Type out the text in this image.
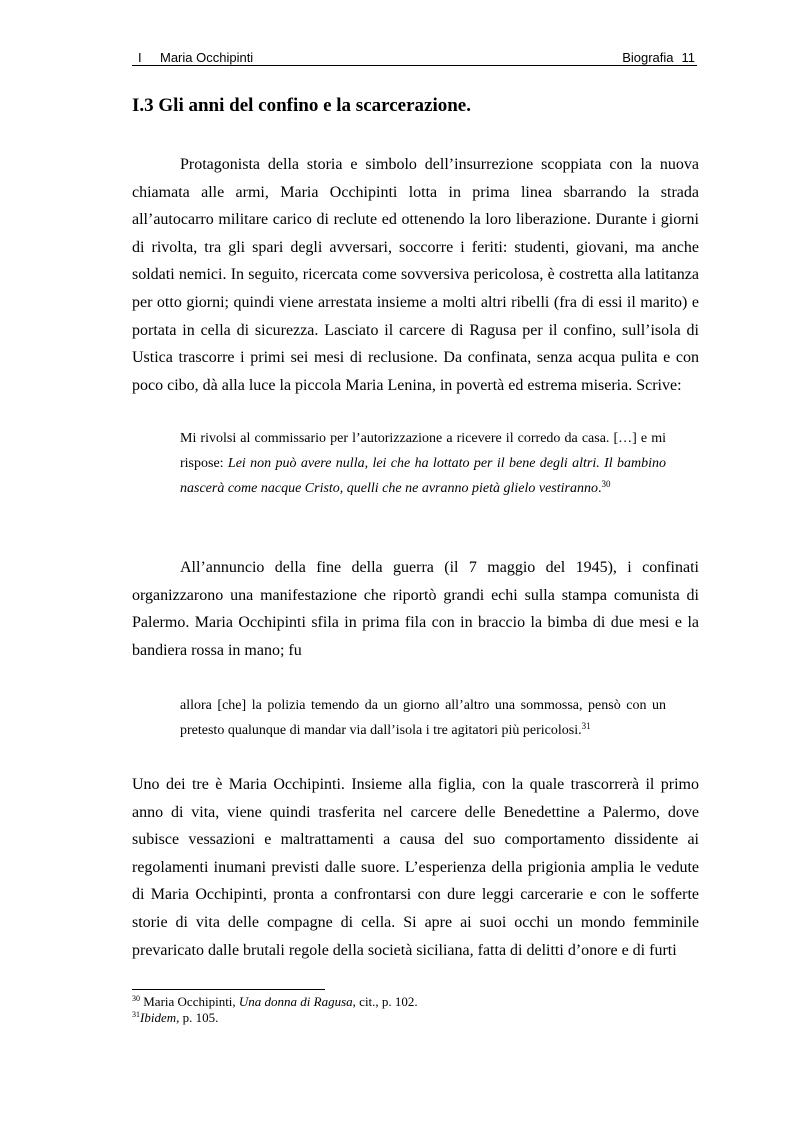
I Maria Occhipinti	Biografia 11
I.3 Gli anni del confino e la scarcerazione.

Protagonista della storia e simbolo dell’insurrezione scoppiata con la nuova chiamata alle armi, Maria Occhipinti lotta in prima linea sbarrando la strada all’autocarro militare carico di reclute ed ottenendo la loro liberazione. Durante i giorni di rivolta, tra gli spari degli avversari, soccorre i feriti: studenti, giovani, ma anche soldati nemici. In seguito, ricercata come sovversiva pericolosa, è costretta alla latitanza per otto giorni; quindi viene arrestata insieme a molti altri ribelli (fra di essi il marito) e portata in cella di sicurezza. Lasciato il carcere di Ragusa per il confino, sull’isola di Ustica trascorre i primi sei mesi di reclusione. Da confinata, senza acqua pulita e con poco cibo, dà alla luce la piccola Maria Lenina, in povertà ed estrema miseria. Scrive:

Mi rivolsi al commissario per l’autorizzazione a ricevere il corredo da casa. […] e mi rispose: Lei non può avere nulla, lei che ha lottato per il bene degli altri. Il bambino nascerà come nacque Cristo, quelli che ne avranno pietà glielo vestiranno.$^{30}$

All’annuncio della fine della guerra (il 7 maggio del 1945), i confinati organizzarono una manifestazione che riportò grandi echi sulla stampa comunista di Palermo. Maria Occhipinti sfila in prima fila con in braccio la bimba di due mesi e la bandiera rossa in mano; fu

allora [che] la polizia temendo da un giorno all’altro una sommossa, pensò con un pretesto qualunque di mandar via dall’isola i tre agitatori più pericolosi.$^{31}$

Uno dei tre è Maria Occhipinti. Insieme alla figlia, con la quale trascorrerà il primo anno di vita, viene quindi trasferita nel carcere delle Benedettine a Palermo, dove subisce vessazioni e maltrattamenti a causa del suo comportamento dissidente ai regolamenti inumani previsti dalle suore. L’esperienza della prigionia amplia le vedute di Maria Occhipinti, pronta a confrontarsi con dure leggi carcerarie e con le sofferte storie di vita delle compagne di cella. Si apre ai suoi occhi un mondo femminile prevaricato dalle brutali regole della società siciliana, fatta di delitti d’onore e di furti

$^{30}$ Maria Occhipinti, Una donna di Ragusa, cit., p. 102.

$^{31}$Ibidem, p. 105.
